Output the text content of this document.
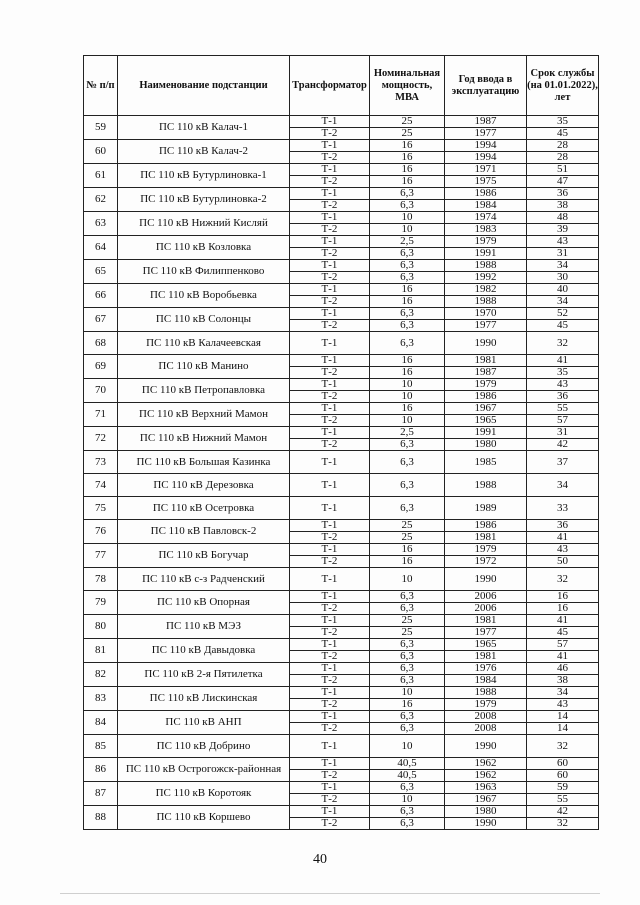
№ п/п	Наименование подстанции	Трансформатор	Номинальная мощность, МВА	Год ввода в эксплуатацию	Срок службы (на 01.01.2022), лет
59	ПС 110 кВ Калач-1	Т-1	25	1987	35
		Т-2	25	1977	45
60	ПС 110 кВ Калач-2	Т-1	16	1994	28
		Т-2	16	1994	28
61	ПС 110 кВ Бутурлиновка-1	Т-1	16	1971	51
		Т-2	16	1975	47
62	ПС 110 кВ Бутурлиновка-2	Т-1	6,3	1986	36
		Т-2	6,3	1984	38
63	ПС 110 кВ Нижний Кисляй	Т-1	10	1974	48
		Т-2	10	1983	39
64	ПС 110 кВ Козловка	Т-1	2,5	1979	43
		Т-2	6,3	1991	31
65	ПС 110 кВ Филиппенково	Т-1	6,3	1988	34
		Т-2	6,3	1992	30
66	ПС 110 кВ Воробьевка	Т-1	16	1982	40
		Т-2	16	1988	34
67	ПС 110 кВ Солонцы	Т-1	6,3	1970	52
		Т-2	6,3	1977	45
68	ПС 110 кВ Калачеевская	Т-1	6,3	1990	32
69	ПС 110 кВ Манино	Т-1	16	1981	41
		Т-2	16	1987	35
70	ПС 110 кВ Петропавловка	Т-1	10	1979	43
		Т-2	10	1986	36
71	ПС 110 кВ Верхний Мамон	Т-1	16	1967	55
		Т-2	10	1965	57
72	ПС 110 кВ Нижний Мамон	Т-1	2,5	1991	31
		Т-2	6,3	1980	42
73	ПС 110 кВ Большая Казинка	Т-1	6,3	1985	37
74	ПС 110 кВ Дерезовка	Т-1	6,3	1988	34
75	ПС 110 кВ Осетровка	Т-1	6,3	1989	33
76	ПС 110 кВ Павловск-2	Т-1	25	1986	36
		Т-2	25	1981	41
77	ПС 110 кВ Богучар	Т-1	16	1979	43
		Т-2	16	1972	50
78	ПС 110 кВ с-з Радченский	Т-1	10	1990	32
79	ПС 110 кВ Опорная	Т-1	6,3	2006	16
		Т-2	6,3	2006	16
80	ПС 110 кВ МЭЗ	Т-1	25	1981	41
		Т-2	25	1977	45
81	ПС 110 кВ Давыдовка	Т-1	6,3	1965	57
		Т-2	6,3	1981	41
82	ПС 110 кВ 2-я Пятилетка	Т-1	6,3	1976	46
		Т-2	6,3	1984	38
83	ПС 110 кВ Лискинская	Т-1	10	1988	34
		Т-2	16	1979	43
84	ПС 110 кВ АНП	Т-1	6,3	2008	14
		Т-2	6,3	2008	14
85	ПС 110 кВ Добрино	Т-1	10	1990	32
86	ПС 110 кВ Острогожск-районная	Т-1	40,5	1962	60
		Т-2	40,5	1962	60
87	ПС 110 кВ Коротояк	Т-1	6,3	1963	59
		Т-2	10	1967	55
88	ПС 110 кВ Коршево	Т-1	6,3	1980	42
		Т-2	6,3	1990	32
40
